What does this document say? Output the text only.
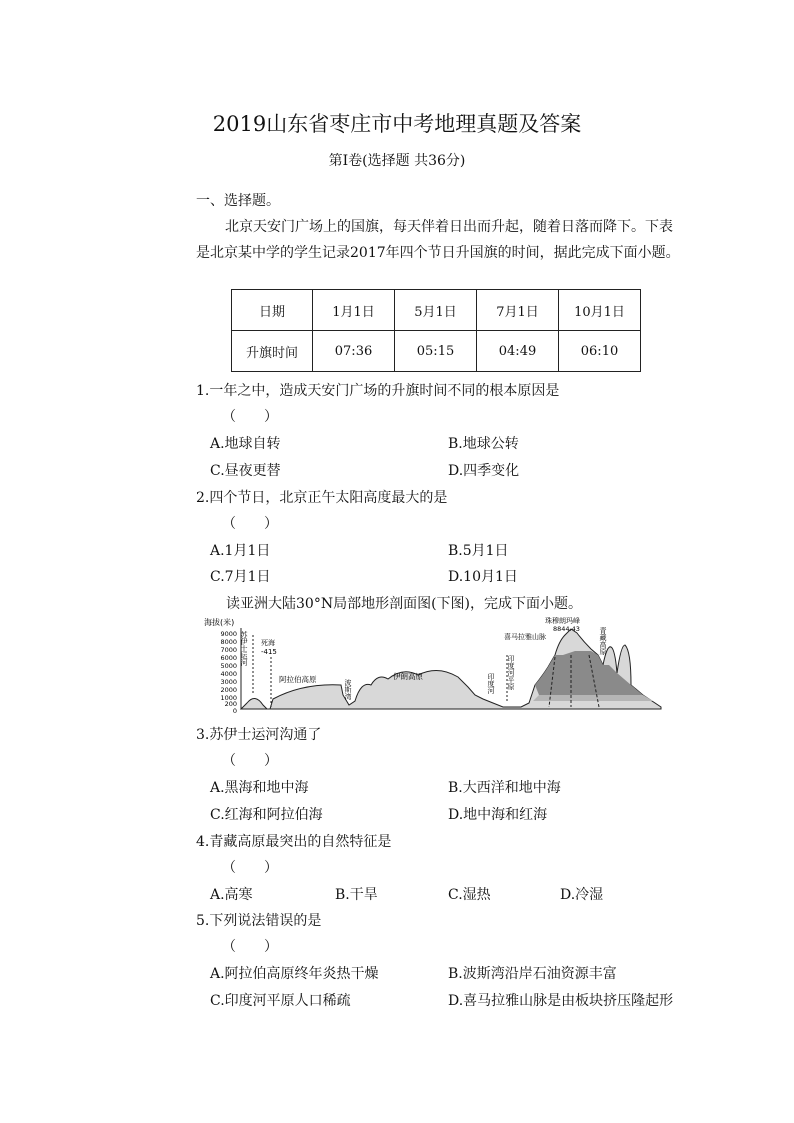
2019山东省枣庄市中考地理真题及答案
第Ⅰ卷(选择题 共36分)
一、选择题。
北京天安门广场上的国旗，每天伴着日出而升起，随着日落而降下。下表
是北京某中学的学生记录2017年四个节日升国旗的时间，据此完成下面小题。
日期	1月1日	5月1日	7月1日	10月1日
升旗时间	07:36	05:15	04:49	06:10
1.一年之中，造成天安门广场的升旗时间不同的根本原因是
（　　）
A.地球自转	B.地球公转
C.昼夜更替	D.四季变化
2.四个节日，北京正午太阳高度最大的是
（　　）
A.1月1日	B.5月1日
C.7月1日	D.10月1日
读亚洲大陆30°N局部地形剖面图(下图)，完成下面小题。
海拔(米)
9000
8000
7000
6000
5000
4000
3000
2000
1000
200
0
苏伊士运河 死海
-415
阿拉伯高原	波斯湾
伊朗高原	印度河 印度河平原
珠穆朗玛峰
8844.43
喜马拉雅山脉	青藏高原
3.苏伊士运河沟通了
（　　）
A.黑海和地中海	B.大西洋和地中海
C.红海和阿拉伯海	D.地中海和红海
4.青藏高原最突出的自然特征是
（　　）
A.高寒	B.干旱	C.湿热	D.冷湿
5.下列说法错误的是
（　　）
A.阿拉伯高原终年炎热干燥	B.波斯湾沿岸石油资源丰富
C.印度河平原人口稀疏	D.喜马拉雅山脉是由板块挤压隆起形
